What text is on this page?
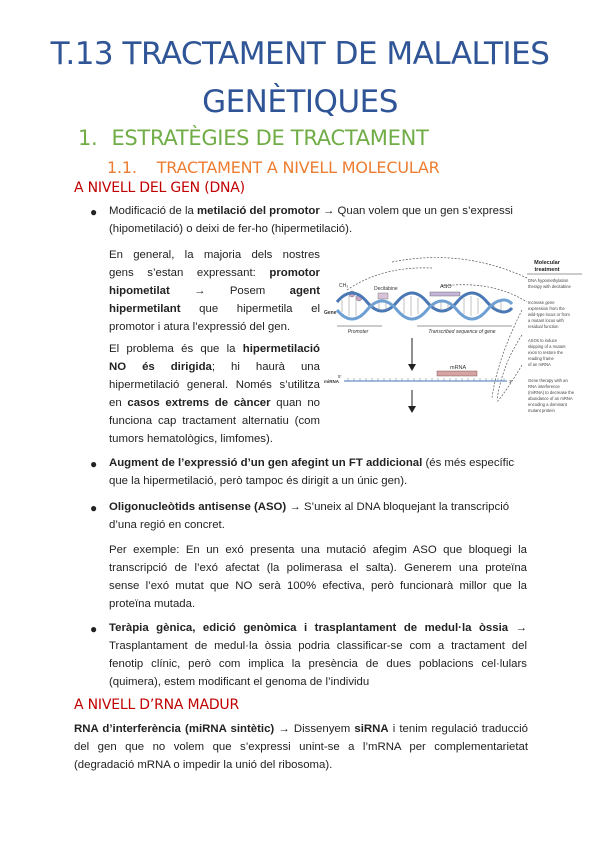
T.13 TRACTAMENT DE MALALTIES
GENÈTIQUES
1. ESTRATÈGIES DE TRACTAMENT
1.1. TRACTAMENT A NIVELL MOLECULAR
A NIVELL DEL GEN (DNA)
● Modificació de la metilació del promotor → Quan volem que un gen s’expressi
(hipometilació) o deixi de fer-ho (hipermetilació).
En general, la majoria dels nostres
gens s’estan expressant: promotor
hipometilat → Posem agent
hipermetilant que hipermetila el
promotor i atura l’expressió del gen.
El problema és que la hipermetilació
NO és dirigida; hi haurà una
hipermetilació general. Només s’utilitza
en casos extrems de càncer quan no
funciona cap tractament alternatiu (com
tumors hematològics, limfomes).
Molecular
treatment
CH₃	Decitabine	ASO
Gene
Promoter	Transcribed sequence of gene
miRNA
5'
mRNA
3'
DNA hypomethylation
therapy with decitabine
Increase gene
expression from the
wild-type locus or from
a mutant locus with
residual function
ASOs to induce
skipping of a mutant
exon to restore the
reading frame
of an mRNA
Gene therapy with an
RNA interference
(miRNA) to decrease the
abundance of an mRNA
encoding a dominant
mutant protein
● Augment de l’expressió d’un gen afegint un FT addicional (és més específic
que la hipermetilació, però tampoc és dirigit a un únic gen).
● Oligonucleòtids antisense (ASO) → S’uneix al DNA bloquejant la transcripció
d’una regió en concret.
Per exemple: En un exó presenta una mutació afegim ASO que bloquegi la
transcripció de l’exó afectat (la polimerasa el salta). Generem una proteïna
sense l’exó mutat que NO serà 100% efectiva, però funcionarà millor que la
proteïna mutada.
● Teràpia gènica, edició genòmica i trasplantament de medul·la òssia →
Trasplantament de medul·la òssia podria classificar-se com a tractament del
fenotip clínic, però com implica la presència de dues poblacions cel·lulars
(quimera), estem modificant el genoma de l’individu
A NIVELL D’RNA MADUR
RNA d’interferència (miRNA sintètic) → Dissenyem siRNA i tenim regulació traducció
del gen que no volem que s’expressi unint-se a l’mRNA per complementarietat
(degradació mRNA o impedir la unió del ribosoma).
